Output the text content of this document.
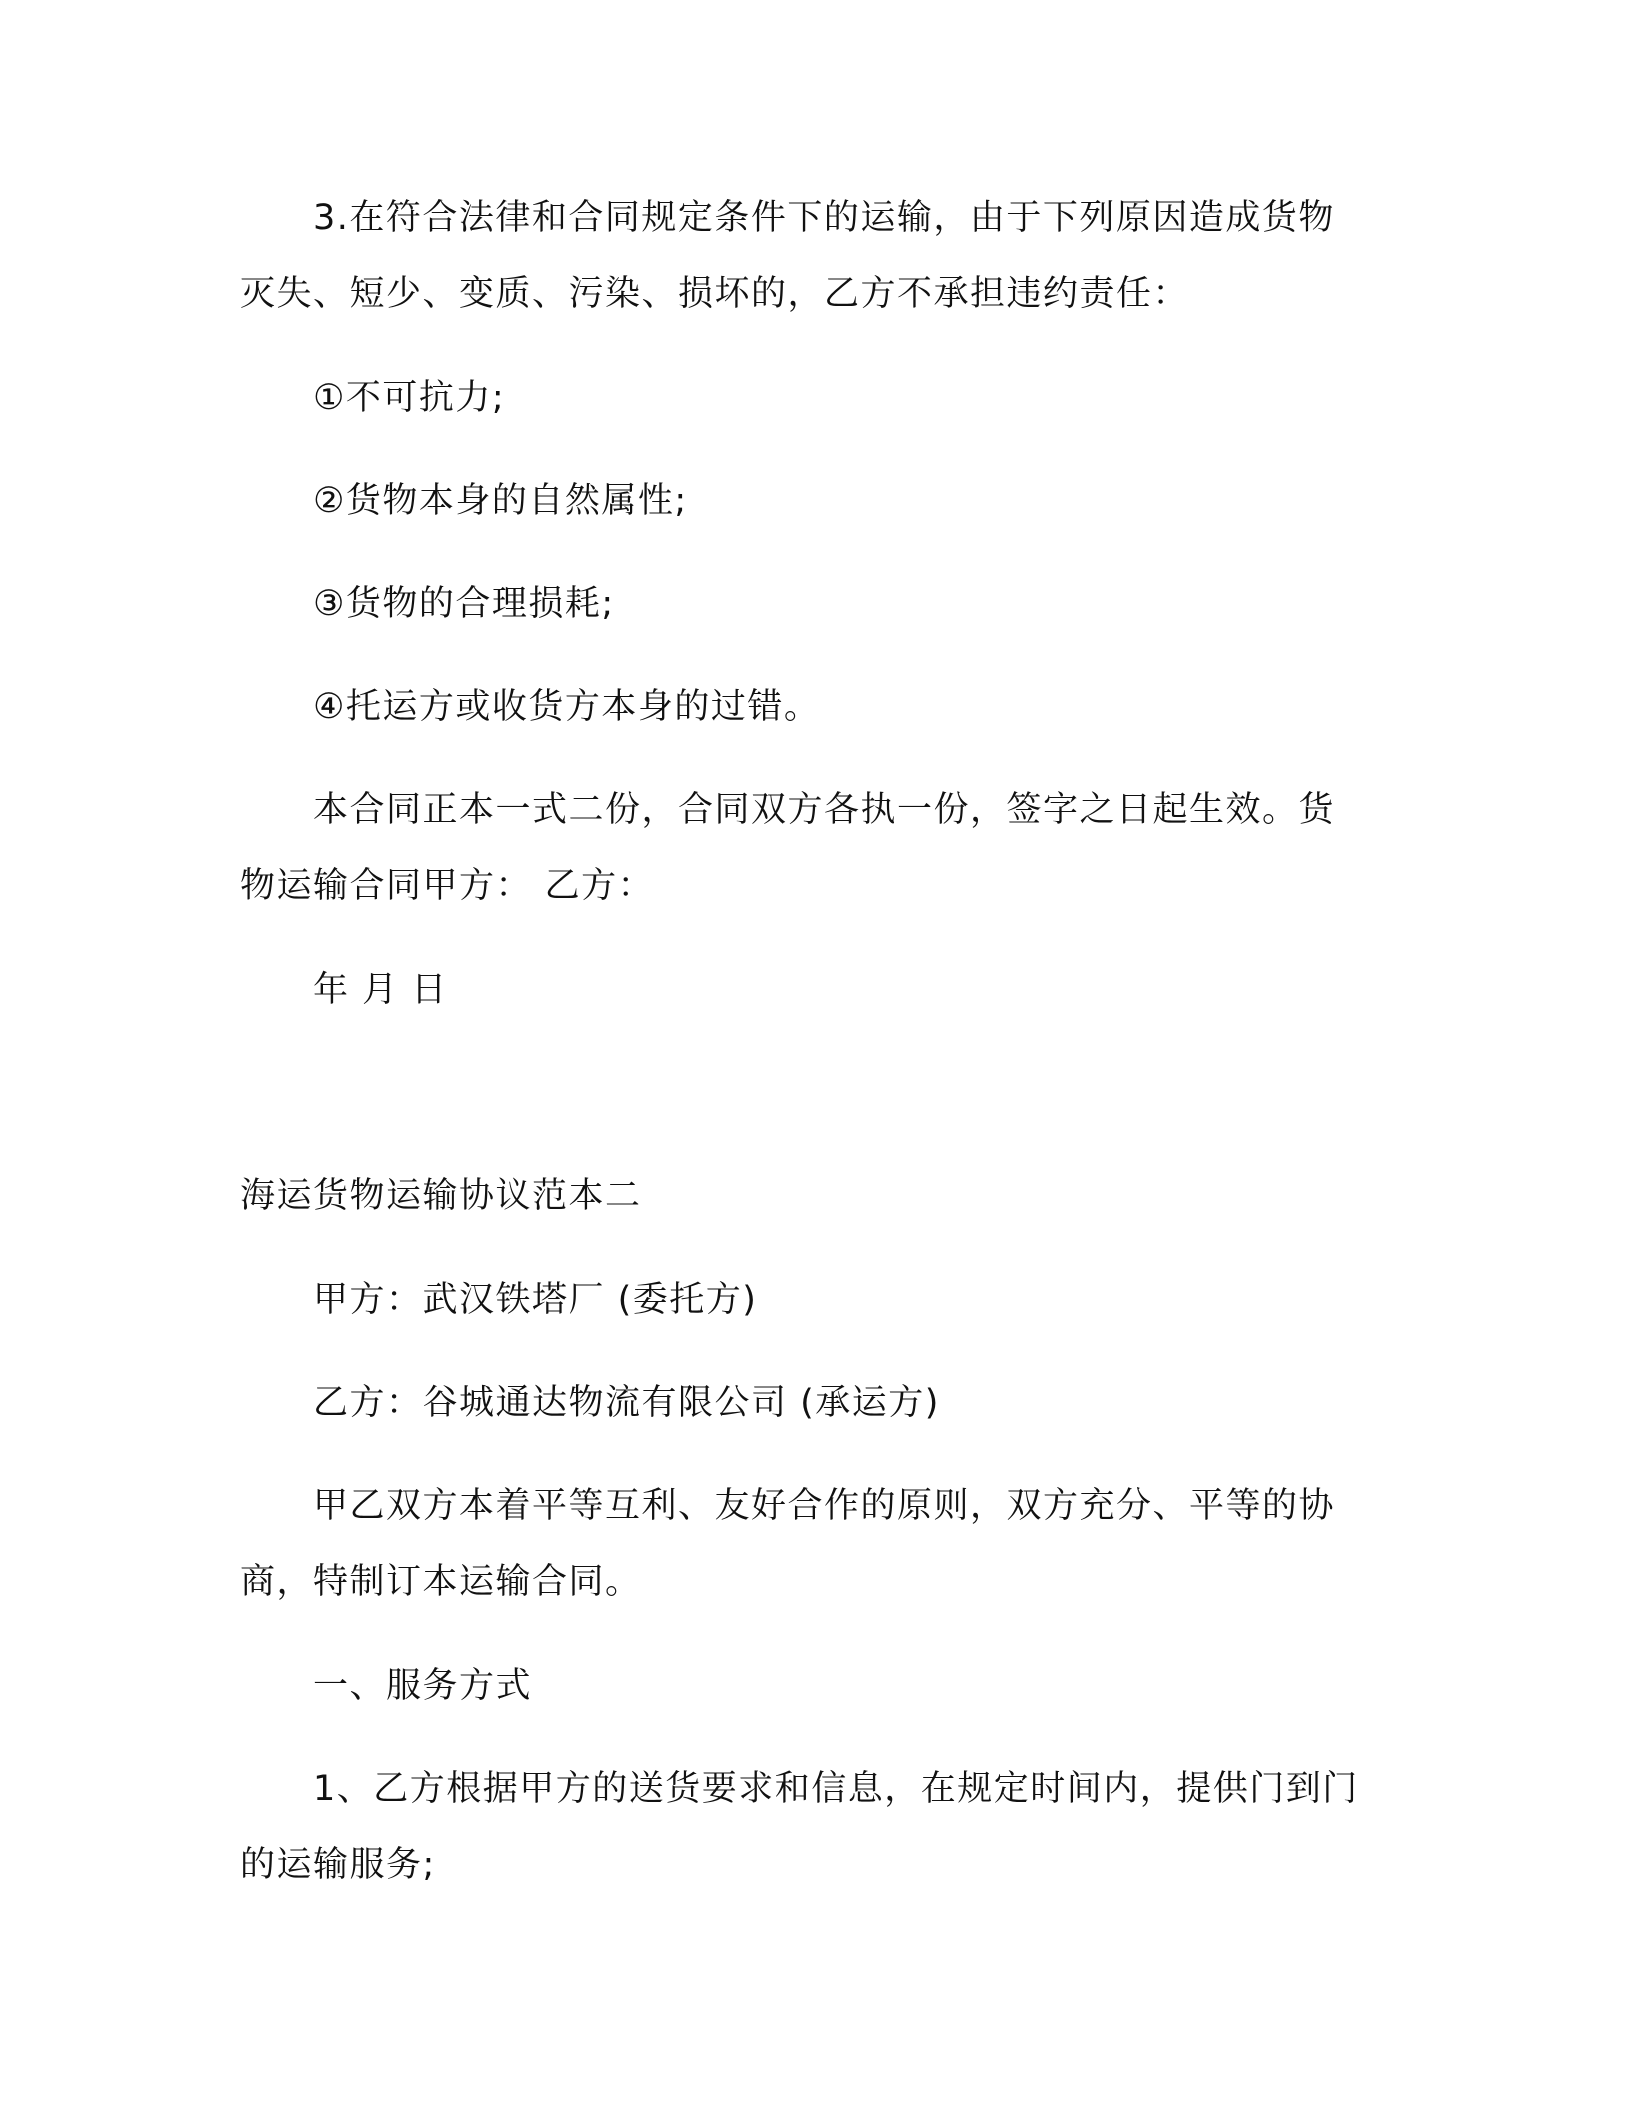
3.在符合法律和合同规定条件下的运输，由于下列原因造成货物
灭失、短少、变质、污染、损坏的，乙方不承担违约责任：
①不可抗力;
②货物本身的自然属性;
③货物的合理损耗;
④托运方或收货方本身的过错。
本合同正本一式二份，合同双方各执一份，签字之日起生效。货
物运输合同甲方： 乙方：
年 月 日
海运货物运输协议范本二
甲方：武汉铁塔厂 (委托方)
乙方：谷城通达物流有限公司 (承运方)
甲乙双方本着平等互利、友好合作的原则，双方充分、平等的协
商，特制订本运输合同。
一、服务方式
1、乙方根据甲方的送货要求和信息，在规定时间内，提供门到门
的运输服务;
